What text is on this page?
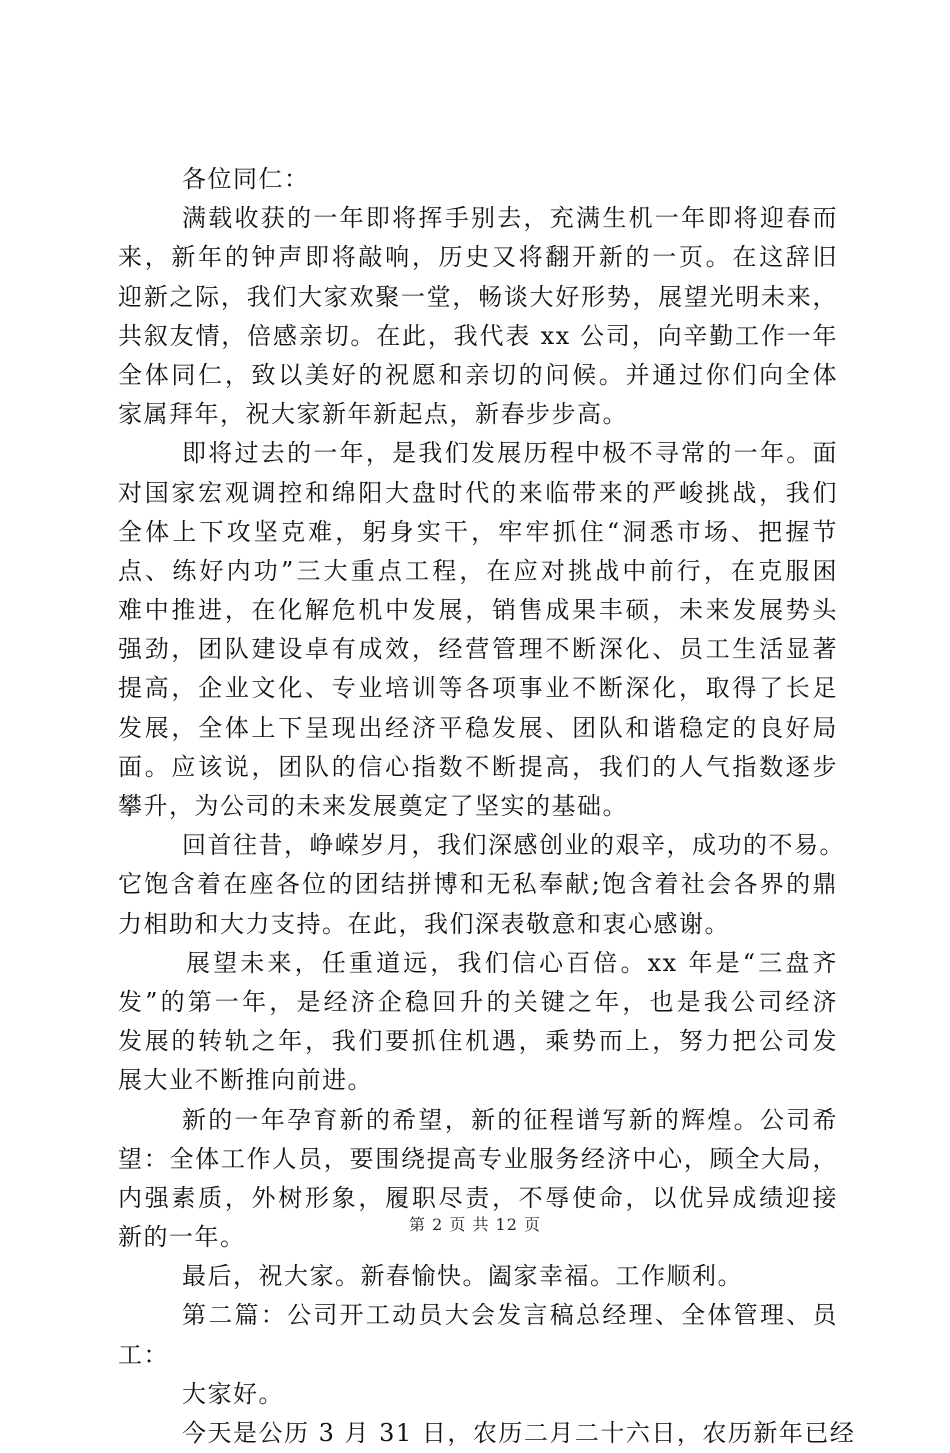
各位同仁：
满载收获的一年即将挥手别去，充满生机一年即将迎春而
来，新年的钟声即将敲响，历史又将翻开新的一页。在这辞旧
迎新之际，我们大家欢聚一堂，畅谈大好形势，展望光明未来，
共叙友情，倍感亲切。在此，我代表 xx 公司，向辛勤工作一年
全体同仁，致以美好的祝愿和亲切的问候。并通过你们向全体
家属拜年，祝大家新年新起点，新春步步高。
即将过去的一年，是我们发展历程中极不寻常的一年。面
对国家宏观调控和绵阳大盘时代的来临带来的严峻挑战，我们
全体上下攻坚克难，躬身实干，牢牢抓住“洞悉市场、把握节
点、练好内功”三大重点工程，在应对挑战中前行，在克服困
难中推进，在化解危机中发展，销售成果丰硕，未来发展势头
强劲，团队建设卓有成效，经营管理不断深化、员工生活显著
提高，企业文化、专业培训等各项事业不断深化，取得了长足
发展，全体上下呈现出经济平稳发展、团队和谐稳定的良好局
面。应该说，团队的信心指数不断提高，我们的人气指数逐步
攀升，为公司的未来发展奠定了坚实的基础。
回首往昔，峥嵘岁月，我们深感创业的艰辛，成功的不易。
它饱含着在座各位的团结拼博和无私奉献;饱含着社会各界的鼎
力相助和大力支持。在此，我们深表敬意和衷心感谢。
展望未来，任重道远，我们信心百倍。xx 年是“三盘齐
发”的第一年，是经济企稳回升的关键之年，也是我公司经济
发展的转轨之年，我们要抓住机遇，乘势而上，努力把公司发
展大业不断推向前进。
新的一年孕育新的希望，新的征程谱写新的辉煌。公司希
望：全体工作人员，要围绕提高专业服务经济中心，顾全大局，
内强素质，外树形象，履职尽责，不辱使命，以优异成绩迎接
新的一年。
最后，祝大家。新春愉快。阖家幸福。工作顺利。
第二篇：公司开工动员大会发言稿总经理、全体管理、员
工：
大家好。
今天是公历 3 月 31 日，农历二月二十六日，农历新年已经
第 2 页 共 12 页
